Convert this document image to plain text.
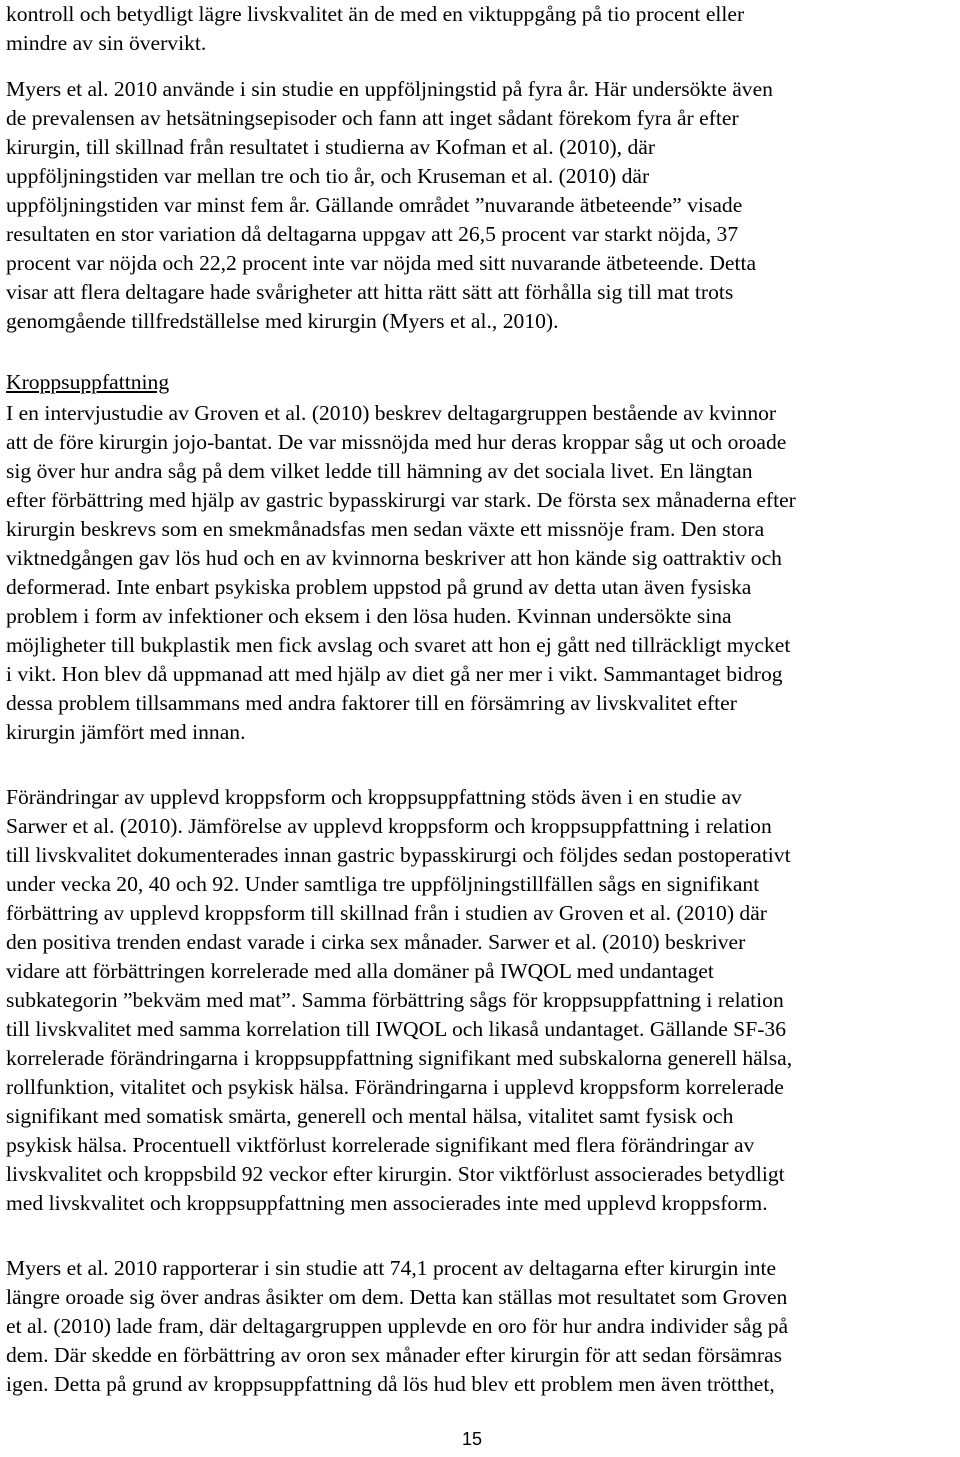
kontroll och betydligt lägre livskvalitet än de med en viktuppgång på tio procent eller
mindre av sin övervikt.
Myers et al. 2010 använde i sin studie en uppföljningstid på fyra år. Här undersökte även
de prevalensen av hetsätningsepisoder och fann att inget sådant förekom fyra år efter
kirurgin, till skillnad från resultatet i studierna av Kofman et al. (2010), där
uppföljningstiden var mellan tre och tio år, och Kruseman et al. (2010) där
uppföljningstiden var minst fem år. Gällande området ”nuvarande ätbeteende” visade
resultaten en stor variation då deltagarna uppgav att 26,5 procent var starkt nöjda, 37
procent var nöjda och 22,2 procent inte var nöjda med sitt nuvarande ätbeteende. Detta
visar att flera deltagare hade svårigheter att hitta rätt sätt att förhålla sig till mat trots
genomgående tillfredställelse med kirurgin (Myers et al., 2010).
Kroppsuppfattning
I en intervjustudie av Groven et al. (2010) beskrev deltagargruppen bestående av kvinnor
att de före kirurgin jojo-bantat. De var missnöjda med hur deras kroppar såg ut och oroade
sig över hur andra såg på dem vilket ledde till hämning av det sociala livet. En längtan
efter förbättring med hjälp av gastric bypasskirurgi var stark. De första sex månaderna efter
kirurgin beskrevs som en smekmånadsfas men sedan växte ett missnöje fram. Den stora
viktnedgången gav lös hud och en av kvinnorna beskriver att hon kände sig oattraktiv och
deformerad. Inte enbart psykiska problem uppstod på grund av detta utan även fysiska
problem i form av infektioner och eksem i den lösa huden. Kvinnan undersökte sina
möjligheter till bukplastik men fick avslag och svaret att hon ej gått ned tillräckligt mycket
i vikt. Hon blev då uppmanad att med hjälp av diet gå ner mer i vikt. Sammantaget bidrog
dessa problem tillsammans med andra faktorer till en försämring av livskvalitet efter
kirurgin jämfört med innan.
Förändringar av upplevd kroppsform och kroppsuppfattning stöds även i en studie av
Sarwer et al. (2010). Jämförelse av upplevd kroppsform och kroppsuppfattning i relation
till livskvalitet dokumenterades innan gastric bypasskirurgi och följdes sedan postoperativt
under vecka 20, 40 och 92. Under samtliga tre uppföljningstillfällen sågs en signifikant
förbättring av upplevd kroppsform till skillnad från i studien av Groven et al. (2010) där
den positiva trenden endast varade i cirka sex månader. Sarwer et al. (2010) beskriver
vidare att förbättringen korrelerade med alla domäner på IWQOL med undantaget
subkategorin ”bekväm med mat”. Samma förbättring sågs för kroppsuppfattning i relation
till livskvalitet med samma korrelation till IWQOL och likaså undantaget. Gällande SF-36
korrelerade förändringarna i kroppsuppfattning signifikant med subskalorna generell hälsa,
rollfunktion, vitalitet och psykisk hälsa. Förändringarna i upplevd kroppsform korrelerade
signifikant med somatisk smärta, generell och mental hälsa, vitalitet samt fysisk och
psykisk hälsa. Procentuell viktförlust korrelerade signifikant med flera förändringar av
livskvalitet och kroppsbild 92 veckor efter kirurgin. Stor viktförlust associerades betydligt
med livskvalitet och kroppsuppfattning men associerades inte med upplevd kroppsform.
Myers et al. 2010 rapporterar i sin studie att 74,1 procent av deltagarna efter kirurgin inte
längre oroade sig över andras åsikter om dem. Detta kan ställas mot resultatet som Groven
et al. (2010) lade fram, där deltagargruppen upplevde en oro för hur andra individer såg på
dem. Där skedde en förbättring av oron sex månader efter kirurgin för att sedan försämras
igen. Detta på grund av kroppsuppfattning då lös hud blev ett problem men även trötthet,
15
